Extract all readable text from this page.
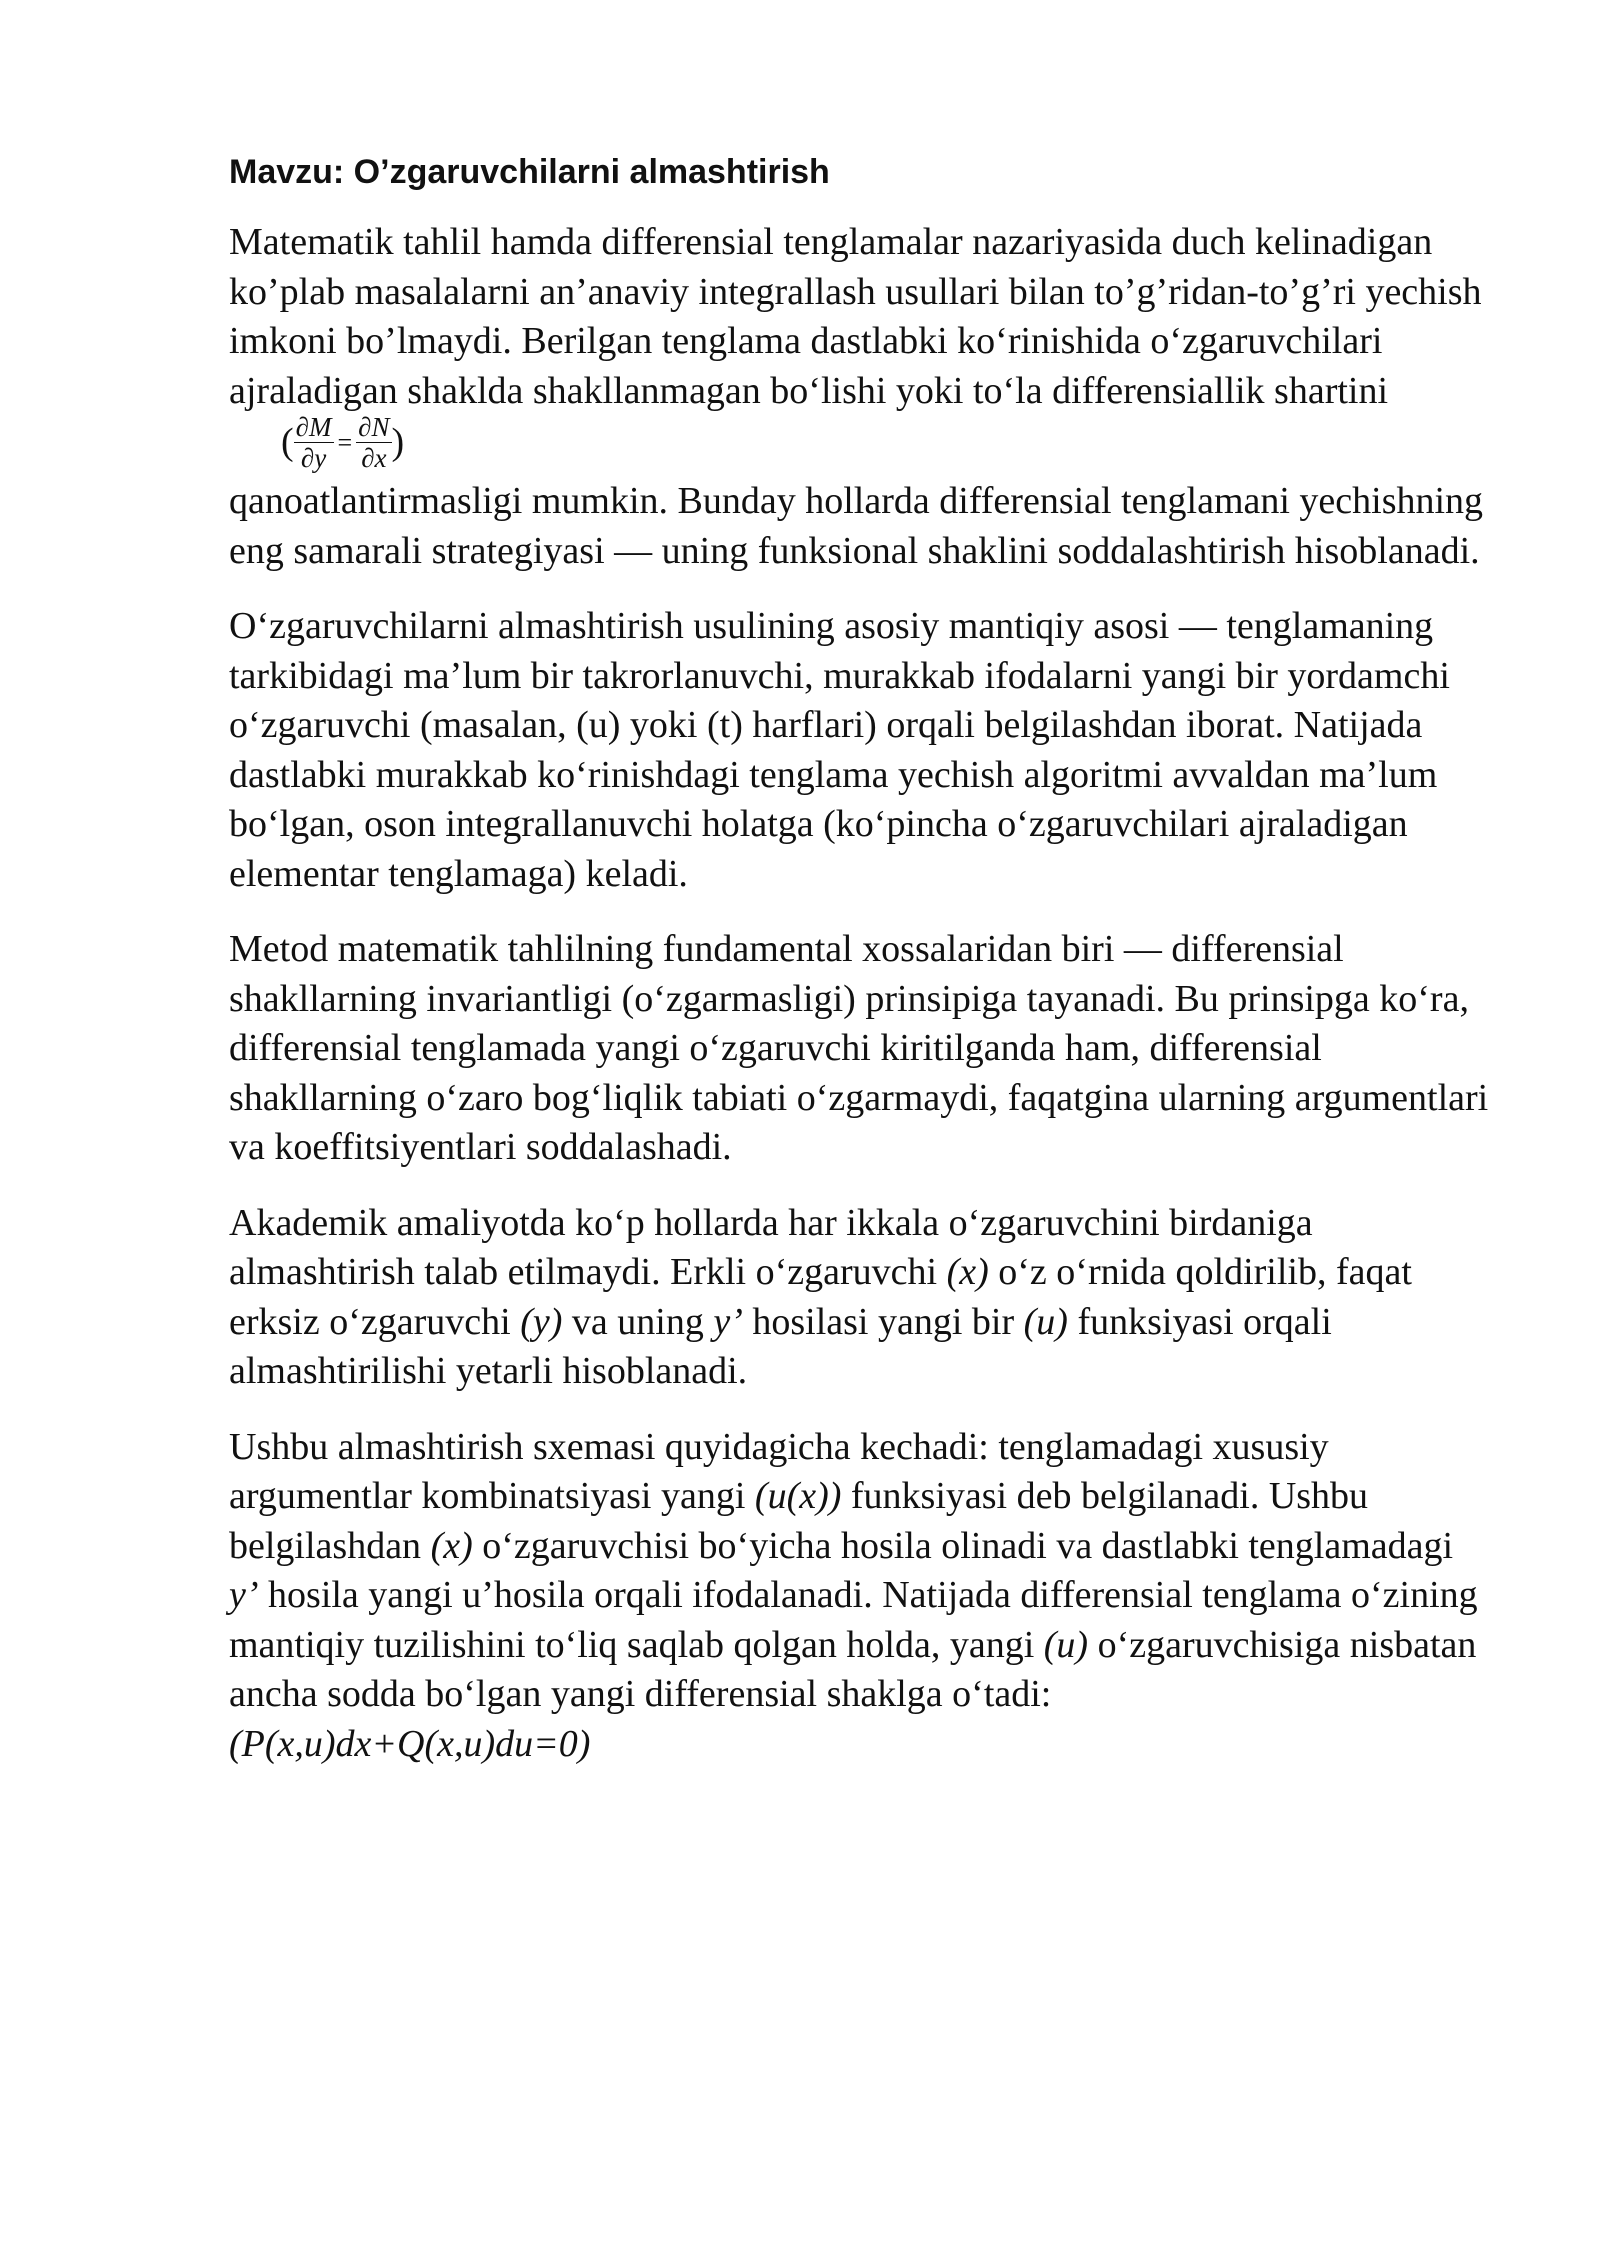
Mavzu: O’zgaruvchilarni almashtirish
Matematik tahlil hamda differensial tenglamalar nazariyasida duch kelinadigan ko’plab masalalarni an’anaviy integrallash usullari bilan to’g’ridan-to’g’ri yechish imkoni bo’lmaydi. Berilgan tenglama dastlabki ko‘rinishida o‘zgaruvchilari ajraladigan shaklda shakllanmagan bo‘lishi yoki to‘la differensiallik shartini( $\frac{\partial M}{\partial y} = \frac{\partial N}{\partial x}$ )
qanoatlantirmasligi mumkin. Bunday hollarda differensial tenglamani yechishning eng samarali strategiyasi — uning funksional shaklini soddalashtirish hisoblanadi.
O‘zgaruvchilarni almashtirish usulining asosiy mantiqiy asosi — tenglamaning tarkibidagi ma’lum bir takrorlanuvchi, murakkab ifodalarni yangi bir yordamchi o‘zgaruvchi (masalan, (u) yoki (t) harflari) orqali belgilashdan iborat. Natijada dastlabki murakkab ko‘rinishdagi tenglama yechish algoritmi avvaldan ma’lum bo‘lgan, oson integrallanuvchi holatga (ko‘pincha o‘zgaruvchilari ajraladigan elementar tenglamaga) keladi.
Metod matematik tahlilning fundamental xossalaridan biri — differensial shakllarning invariantligi (o‘zgarmasligi) prinsipiga tayanadi. Bu prinsipga ko‘ra, differensial tenglamada yangi o‘zgaruvchi kiritilganda ham, differensial shakllarning o‘zaro bog‘liqlik tabiati o‘zgarmaydi, faqatgina ularning argumentlari va koeffitsiyentlari soddalashadi.
Akademik amaliyotda ko‘p hollarda har ikkala o‘zgaruvchini birdaniga almashtirish talab etilmaydi. Erkli o‘zgaruvchi (x) o‘z o‘rnida qoldirilib, faqat erksiz o‘zgaruvchi (y) va uning y’ hosilasi yangi bir (u) funksiyasi orqali almashtirilishi yetarli hisoblanadi.
Ushbu almashtirish sxemasi quyidagicha kechadi: tenglamadagi xususiy argumentlar kombinatsiyasi yangi (u(x)) funksiyasi deb belgilanadi. Ushbu belgilashdan (x) o‘zgaruvchisi bo‘yicha hosila olinadi va dastlabki tenglamadagi y’ hosila yangi u’hosila orqali ifodalanadi. Natijada differensial tenglama o‘zining mantiqiy tuzilishini to‘liq saqlab qolgan holda, yangi (u) o‘zgaruvchisiga nisbatan ancha sodda bo‘lgan yangi differensial shaklga o‘tadi:
(P(x,u)dx+Q(x,u)du=0)
